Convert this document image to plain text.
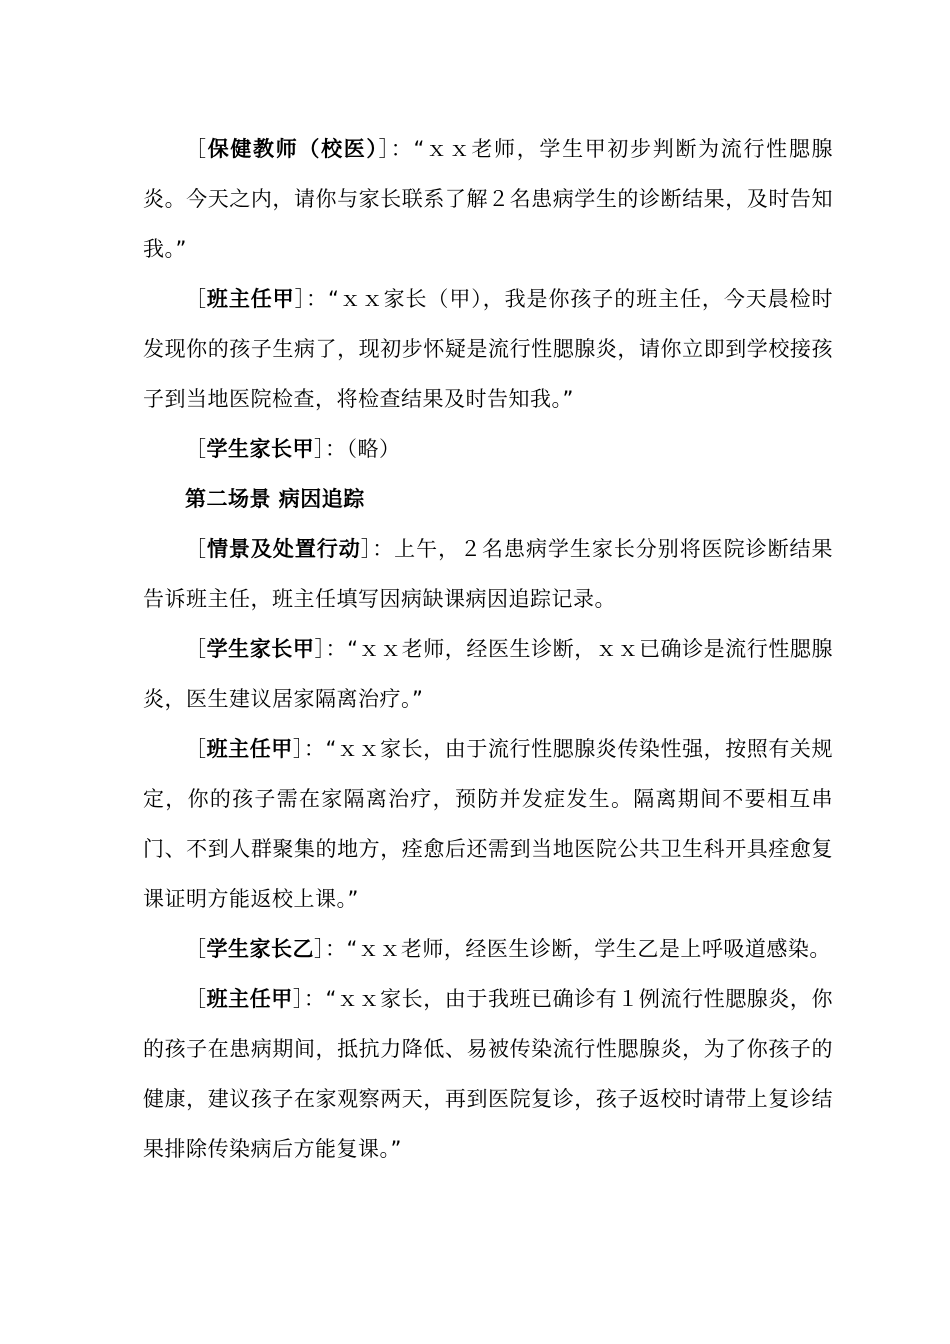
［保健教师（校医）］：“ｘｘ老师，学生甲初步判断为流行性腮腺炎。今天之内，请你与家长联系了解２名患病学生的诊断结果，及时告知我。”

［班主任甲］：“ｘｘ家长（甲），我是你孩子的班主任，今天晨检时发现你的孩子生病了，现初步怀疑是流行性腮腺炎，请你立即到学校接孩子到当地医院检查，将检查结果及时告知我。”

［学生家长甲］：（略）

第二场景 病因追踪

［情景及处置行动］：上午，２名患病学生家长分别将医院诊断结果告诉班主任，班主任填写因病缺课病因追踪记录。

［学生家长甲］：“ｘｘ老师，经医生诊断，ｘｘ已确诊是流行性腮腺炎，医生建议居家隔离治疗。”

［班主任甲］：“ｘｘ家长，由于流行性腮腺炎传染性强，按照有关规定，你的孩子需在家隔离治疗，预防并发症发生。隔离期间不要相互串门、不到人群聚集的地方，痊愈后还需到当地医院公共卫生科开具痊愈复课证明方能返校上课。”

［学生家长乙］：“ｘｘ老师，经医生诊断，学生乙是上呼吸道感染。

［班主任甲］：“ｘｘ家长，由于我班已确诊有１例流行性腮腺炎，你的孩子在患病期间，抵抗力降低、易被传染流行性腮腺炎，为了你孩子的健康，建议孩子在家观察两天，再到医院复诊，孩子返校时请带上复诊结果排除传染病后方能复课。”
